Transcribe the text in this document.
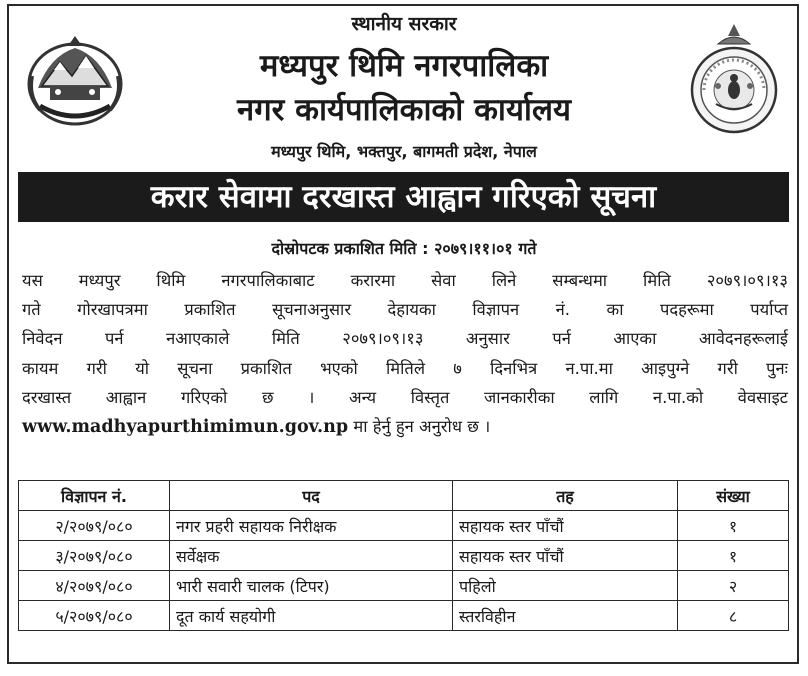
स्थानीय सरकार
मध्यपुर थिमि नगरपालिका
नगर कार्यपालिकाको कार्यालय
मध्यपुर थिमि, भक्तपुर, बागमती प्रदेश, नेपाल
करार सेवामा दरखास्त आह्वान गरिएको सूचना
दोस्रोपटक प्रकाशित मिति : २०७९।११।०१ गते
यस मध्यपुर थिमि नगरपालिकाबाट करारमा सेवा लिने सम्बन्धमा मिति २०७९।०९।१३
गते गोरखापत्रमा प्रकाशित सूचनाअनुसार देहायका विज्ञापन नं. का पदहरूमा पर्याप्त
निवेदन पर्न नआएकाले मिति २०७९।०९।१३ अनुसार पर्न आएका आवेदनहरूलाई
कायम गरी यो सूचना प्रकाशित भएको मितिले ७ दिनभित्र न.पा.मा आइपुग्ने गरी पुनः
दरखास्त आह्वान गरिएको छ । अन्य विस्तृत जानकारीका लागि न.पा.को वेवसाइट
www.madhyapurthimimun.gov.np मा हेर्नु हुन अनुरोध छ ।
विज्ञापन नं.	पद	तह	संख्या
२/२०७९/०८०	नगर प्रहरी सहायक निरीक्षक	सहायक स्तर पाँचौं	१
३/२०७९/०८०	सर्वेक्षक	सहायक स्तर पाँचौं	१
४/२०७९/०८०	भारी सवारी चालक (टिपर)	पहिलो	२
५/२०७९/०८०	दूत कार्य सहयोगी	स्तरविहीन	८
